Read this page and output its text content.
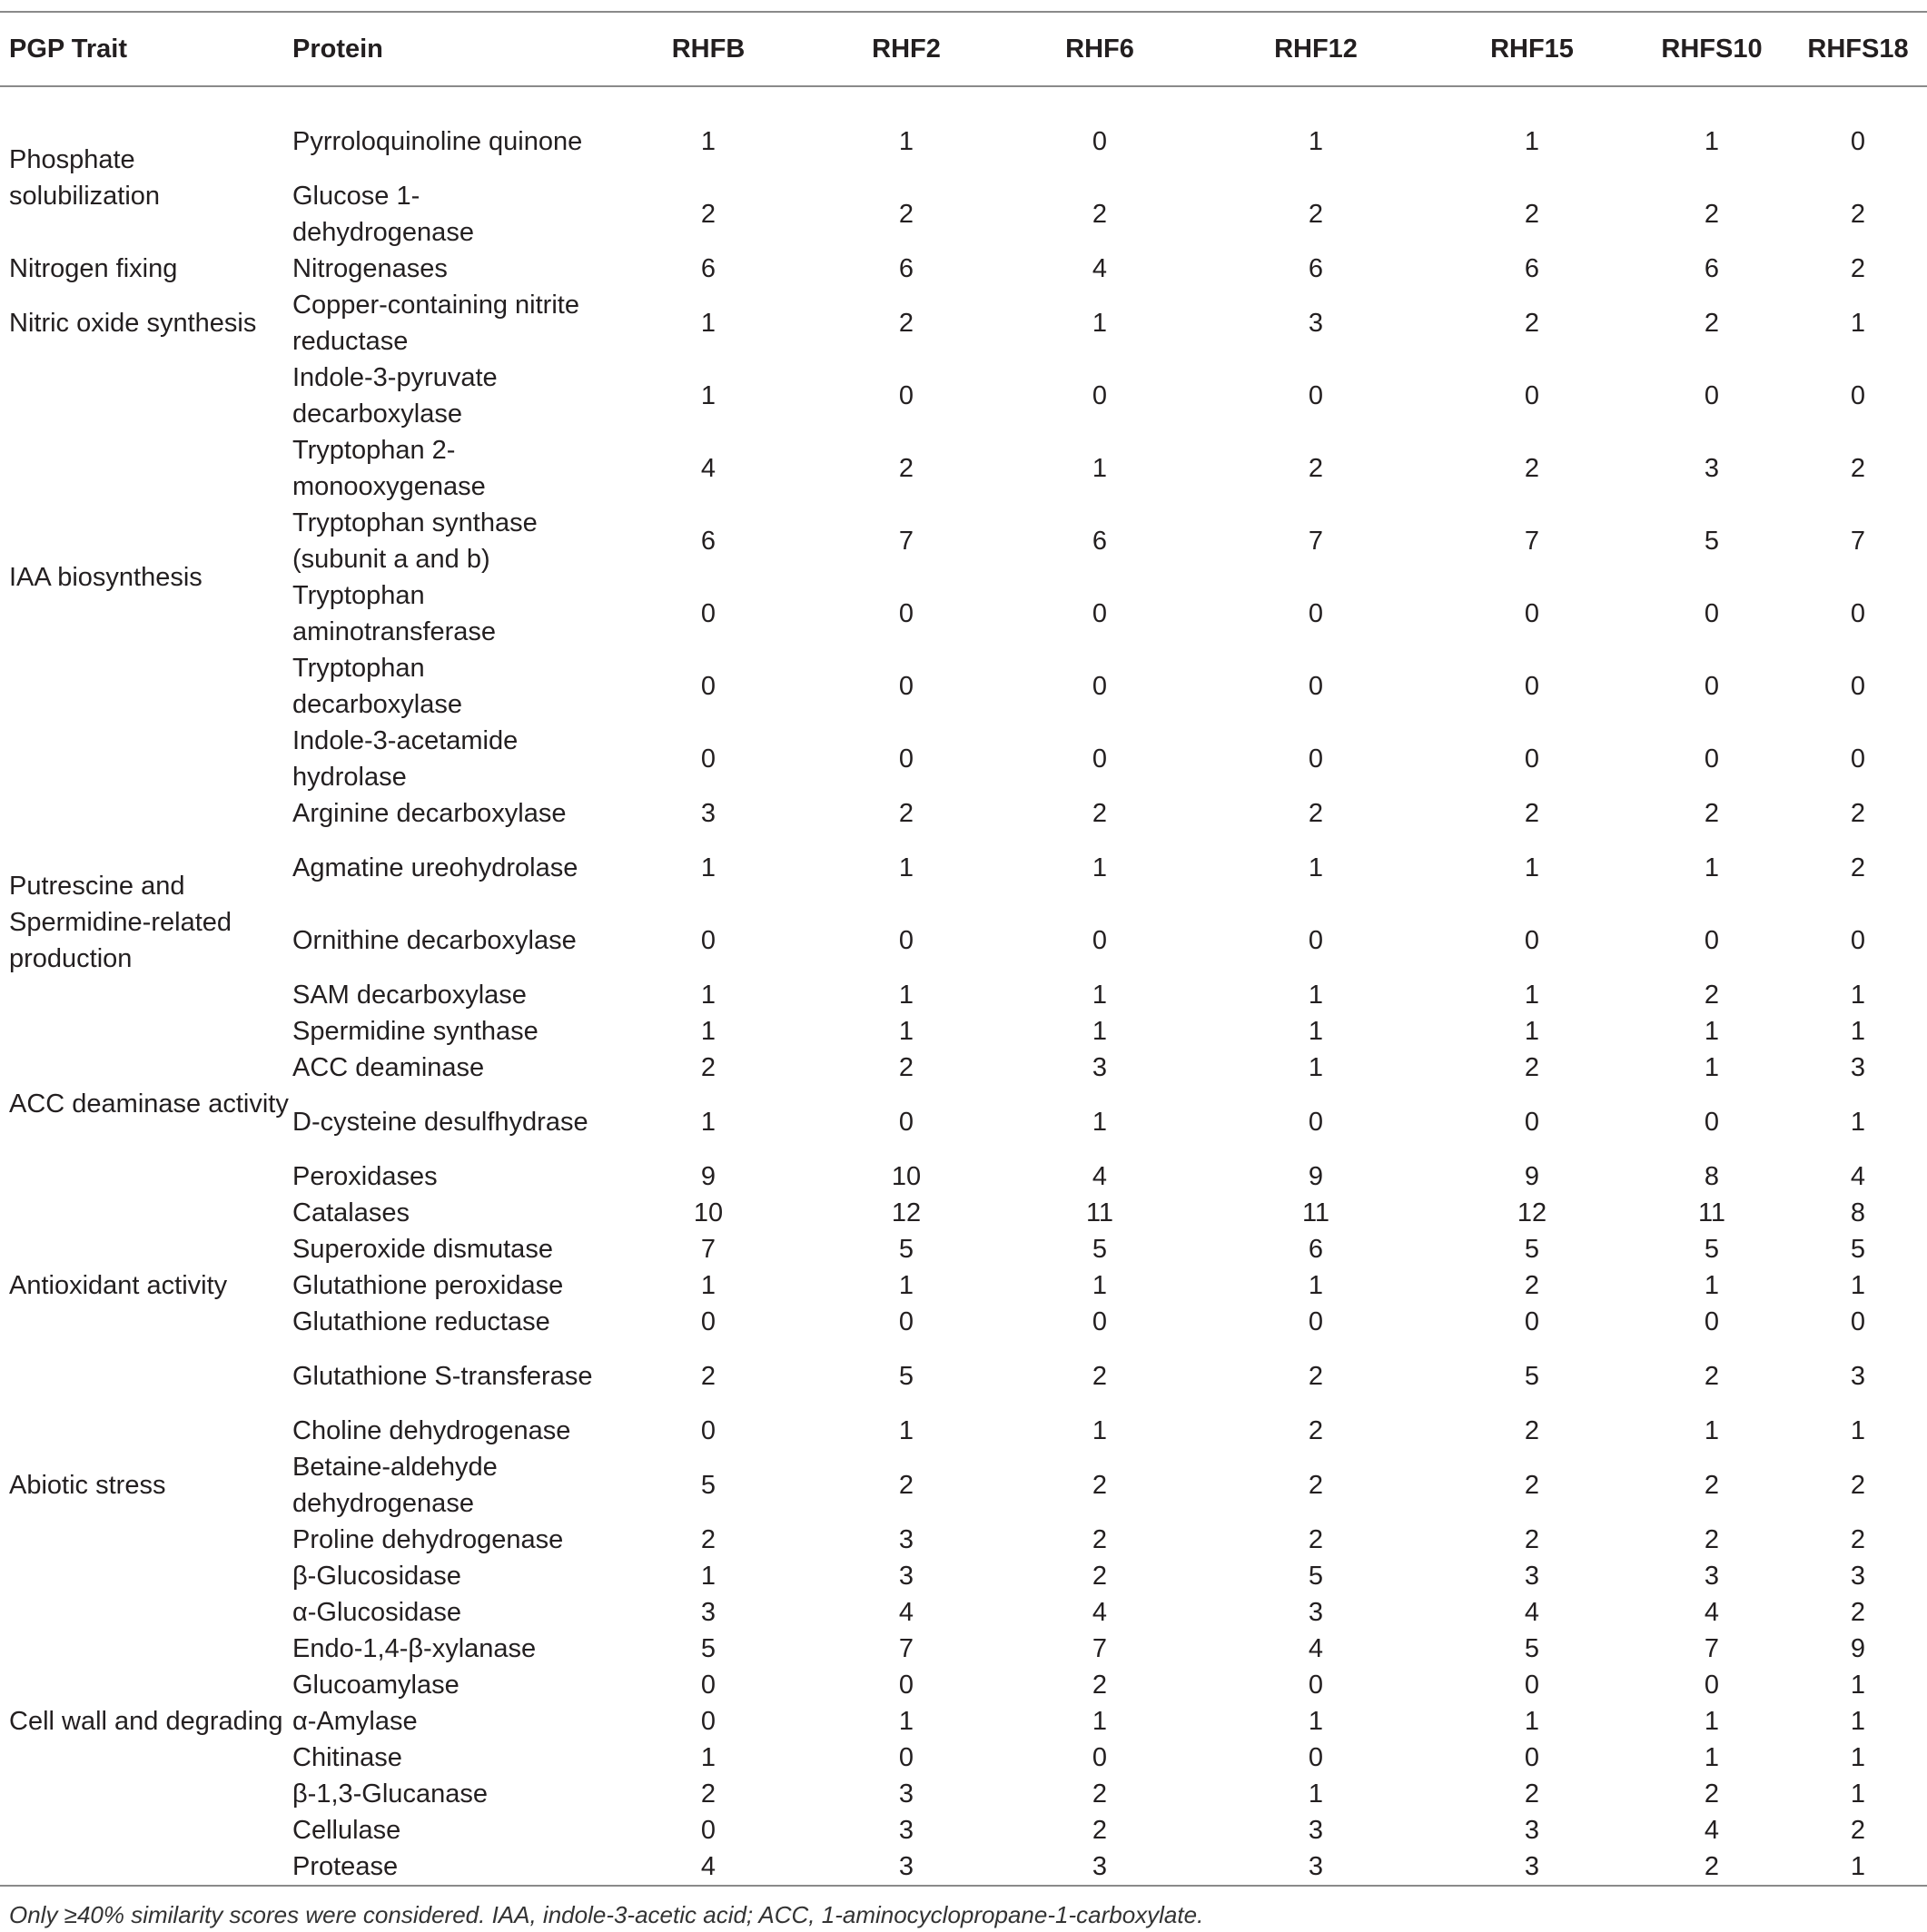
PGP Trait	Protein	RHFB	RHF2	RHF6	RHF12	RHF15	RHFS10	RHFS18
Phosphate solubilization	Pyrroloquinoline quinone	1	1	0	1	1	1	0
	Glucose 1-dehydrogenase	2	2	2	2	2	2	2
Nitrogen fixing	Nitrogenases	6	6	4	6	6	6	2
Nitric oxide synthesis	Copper-containing nitrite reductase	1	2	1	3	2	2	1
IAA biosynthesis	Indole-3-pyruvate decarboxylase	1	0	0	0	0	0	0
	Tryptophan 2-monooxygenase	4	2	1	2	2	3	2
	Tryptophan synthase (subunit a and b)	6	7	6	7	7	5	7
	Tryptophan aminotransferase	0	0	0	0	0	0	0
	Tryptophan decarboxylase	0	0	0	0	0	0	0
	Indole-3-acetamide hydrolase	0	0	0	0	0	0	0
Putrescine and Spermidine-related production	Arginine decarboxylase	3	2	2	2	2	2	2
	Agmatine ureohydrolase	1	1	1	1	1	1	2
	Ornithine decarboxylase	0	0	0	0	0	0	0
	SAM decarboxylase	1	1	1	1	1	2	1
	Spermidine synthase	1	1	1	1	1	1	1
ACC deaminase activity	ACC deaminase	2	2	3	1	2	1	3
	D-cysteine desulfhydrase	1	0	1	0	0	0	1
Antioxidant activity	Peroxidases	9	10	4	9	9	8	4
	Catalases	10	12	11	11	12	11	8
	Superoxide dismutase	7	5	5	6	5	5	5
	Glutathione peroxidase	1	1	1	1	2	1	1
	Glutathione reductase	0	0	0	0	0	0	0
	Glutathione S-transferase	2	5	2	2	5	2	3
Abiotic stress	Choline dehydrogenase	0	1	1	2	2	1	1
	Betaine-aldehyde dehydrogenase	5	2	2	2	2	2	2
	Proline dehydrogenase	2	3	2	2	2	2	2
Cell wall and degrading	β-Glucosidase	1	3	2	5	3	3	3
	α-Glucosidase	3	4	4	3	4	4	2
	Endo-1,4-β-xylanase	5	7	7	4	5	7	9
	Glucoamylase	0	0	2	0	0	0	1
	α-Amylase	0	1	1	1	1	1	1
	Chitinase	1	0	0	0	0	1	1
	β-1,3-Glucanase	2	3	2	1	2	2	1
	Cellulase	0	3	2	3	3	4	2
	Protease	4	3	3	3	3	2	1
Only ≥40% similarity scores were considered. IAA, indole-3-acetic acid; ACC, 1-aminocyclopropane-1-carboxylate.
